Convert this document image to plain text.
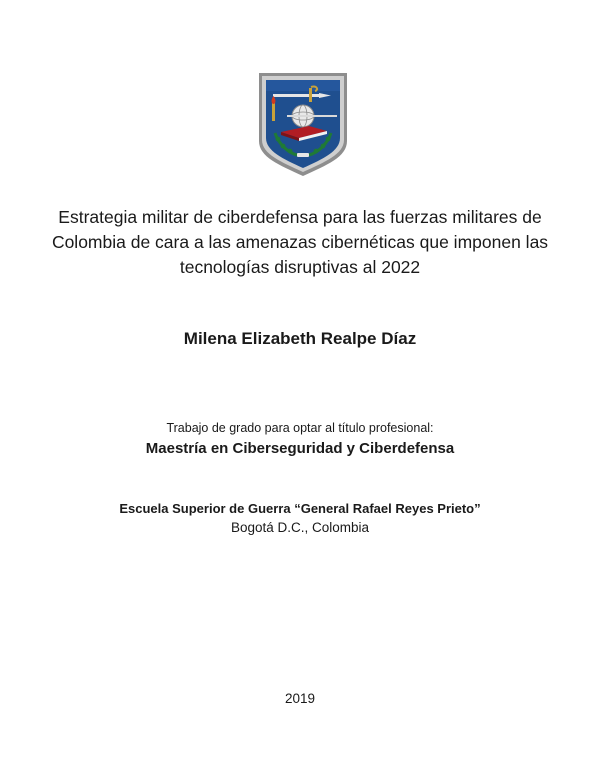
Estrategia militar de ciberdefensa para las fuerzas militares de Colombia de cara a las amenazas cibernéticas que imponen las tecnologías disruptivas al 2022
Milena Elizabeth Realpe Díaz
Trabajo de grado para optar al título profesional:
Maestría en Ciberseguridad y Ciberdefensa
Escuela Superior de Guerra “General Rafael Reyes Prieto”
Bogotá D.C., Colombia
2019
